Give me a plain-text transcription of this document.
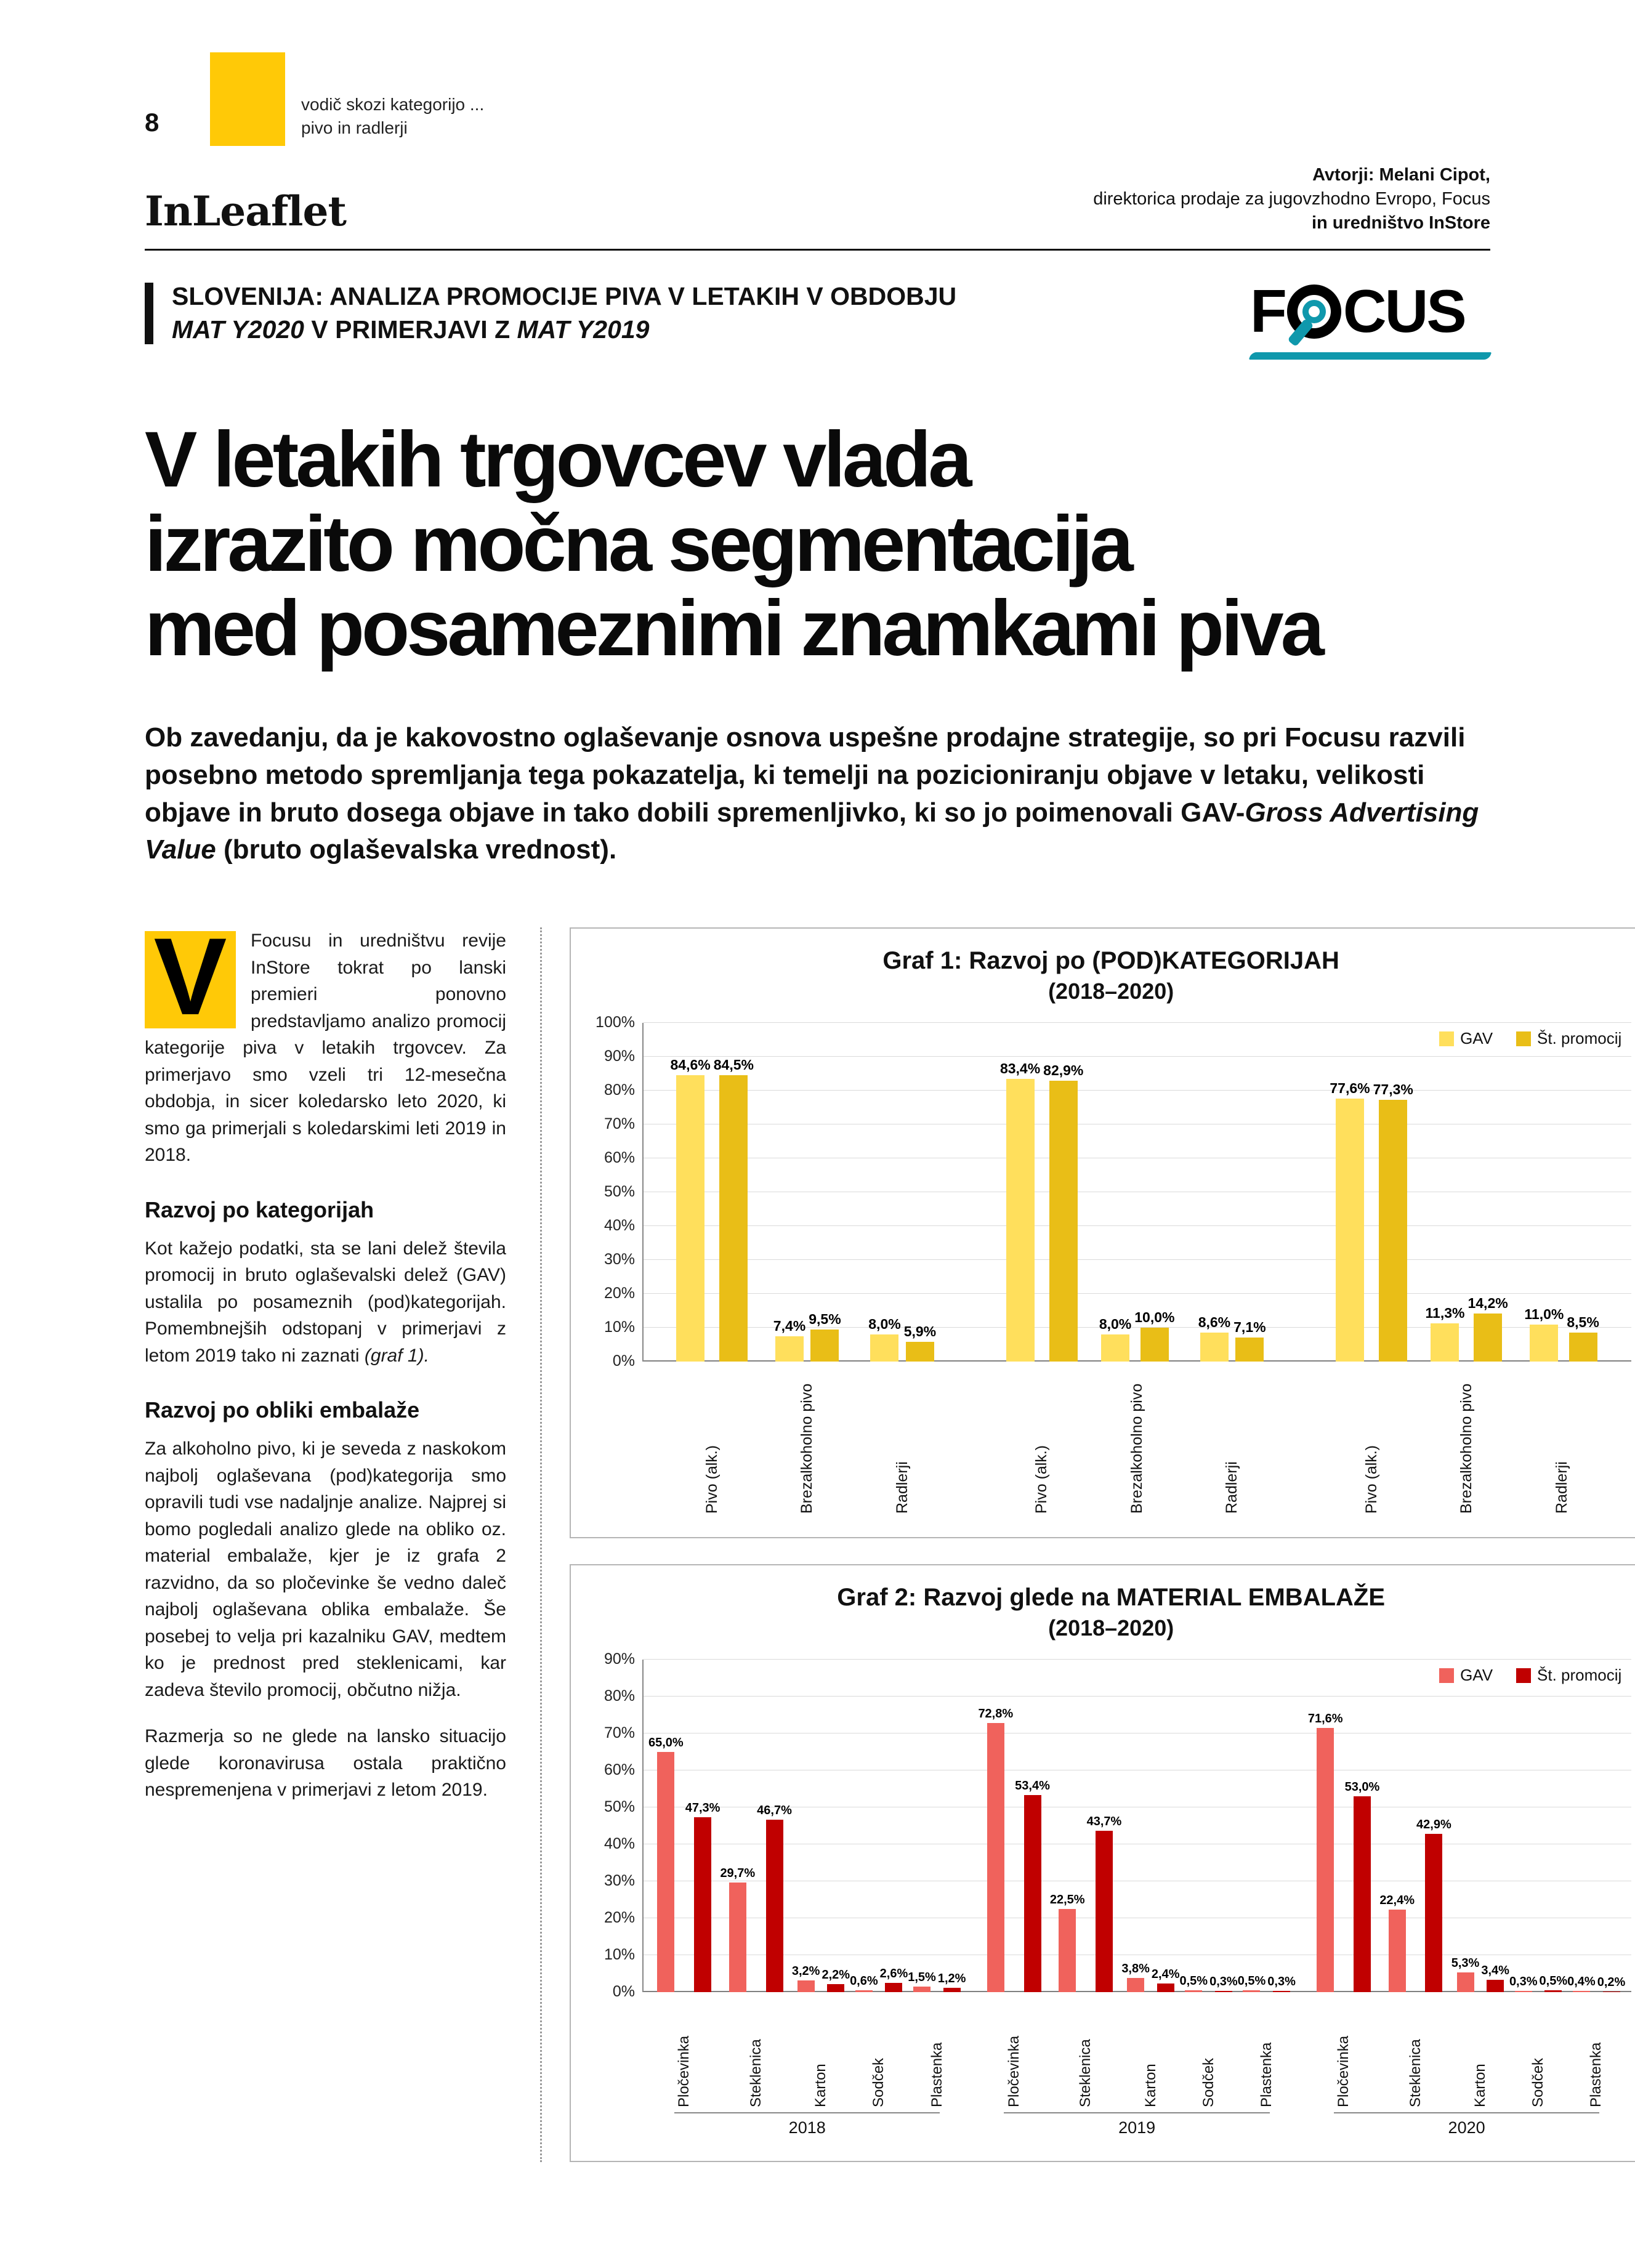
8
vodič skozi kategorijo ...
pivo in radlerji
InLeaflet
Avtorji: Melani Cipot,
direktorica prodaje za jugovzhodno Evropo, Focus
in uredništvo InStore
SLOVENIJA: ANALIZA PROMOCIJE PIVA V LETAKIH V OBDOBJU
MAT Y2020 V PRIMERJAVI Z MAT Y2019	F CUS
V letakih trgovcev vlada
izrazito močna segmentacija
med posameznimi znamkami piva
Ob zavedanju, da je kakovostno oglaševanje osnova uspešne prodajne strategije, so pri Focusu razvili posebno metodo spremljanja tega pokazatelja, ki temelji na pozicioniranju objave v letaku, velikosti objave in bruto dosega objave in tako dobili spremenljivko, ki so jo poimenovali GAV-Gross Advertising Value (bruto oglaševalska vrednost).

V	Focusu in uredništvu revije InStore tokrat po lanski premieri ponovno predstavljamo analizo promocij kategorije piva v letakih trgovcev. Za primerjavo smo vzeli tri 12-mesečna obdobja, in sicer koledarsko leto 2020, ki smo ga primerjali s koledarskimi leti 2019 in 2018.

Razvoj po kategorijah

Kot kažejo podatki, sta se lani delež števila promocij in bruto oglaševalski delež (GAV) ustalila po posameznih (pod)kategorijah. Pomembnejših odstopanj v primerjavi z letom 2019 tako ni zaznati (graf 1).

Razvoj po obliki embalaže

Za alkoholno pivo, ki je seveda z naskokom najbolj oglaševana (pod)kategorija smo opravili tudi vse nadaljnje analize. Najprej si bomo pogledali analizo glede na obliko oz. material embalaže, kjer je iz grafa 2 razvidno, da so pločevinke še vedno daleč najbolj oglaševana oblika embalaže. Še posebej to velja pri kazalniku GAV, medtem ko je prednost pred steklenicami, kar zadeva število promocij, občutno nižja.

Razmerja so ne glede na lansko situacijo glede koronavirusa ostala praktično nespremenjena v primerjavi z letom 2019.

Graf 1: Razvoj po (POD)KATEGORIJAH
(2018–2020)
0%
10%
20%
30%
40%
50%
60%
70%
80%
90%
100%
GAV	Št. promocij
84,6% 84,5%
Pivo (alk.)
7,4% 9,5%
Brezalkoholno pivo
8,0% 5,9%
Radlerji
83,4% 82,9%
Pivo (alk.)
8,0% 10,0%
Brezalkoholno pivo
8,6% 7,1%
Radlerji
77,6% 77,3%
Pivo (alk.)
11,3%
14,2%
Brezalkoholno pivo
11,0%
8,5%
Radlerji
Graf 2: Razvoj glede na MATERIAL EMBALAŽE
(2018–2020)
0%
10%
20%
30%
40%
50%
60%
70%
80%
90%
GAV	Št. promocij
65,0%
47,3%
Pločevinka
29,7%
46,7%
Steklenica
3,2% 2,2%
Karton
0,6%
2,6%
Sodček
1,5% 1,2%
Plastenka
72,8%
53,4%
Pločevinka
22,5%
43,7%
Steklenica
3,8% 2,4%
Karton
0,5% 0,3%
Sodček
0,5% 0,3%
Plastenka
71,6%
53,0%
Pločevinka
22,4%
42,9%
Steklenica
5,3%
3,4%
Karton
0,3% 0,5%
Sodček
0,4% 0,2%
Plastenka
2018	2019	2020
